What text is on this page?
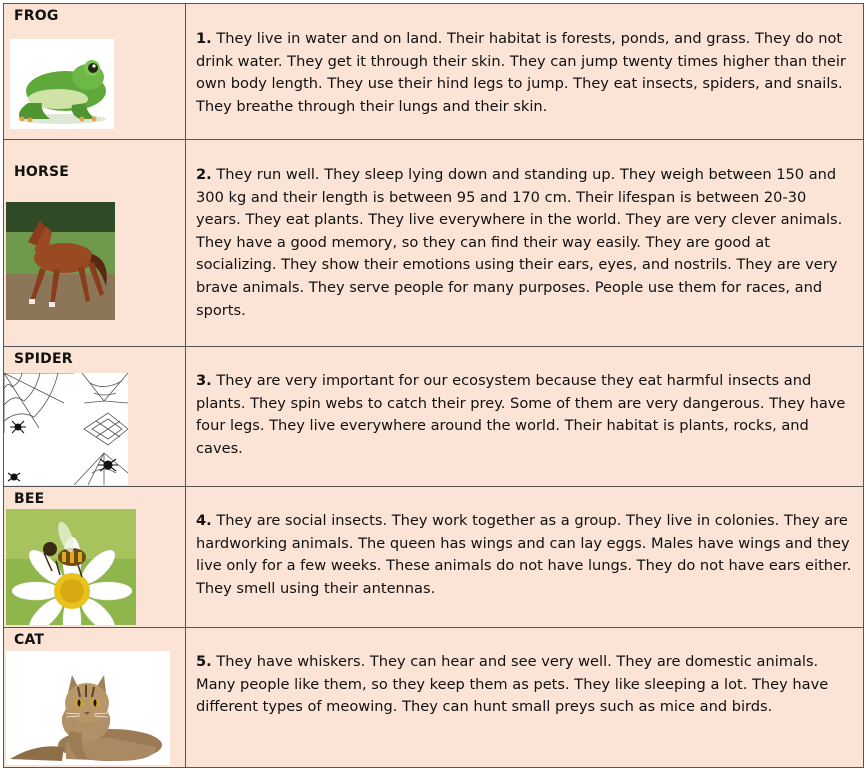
FROG	1. They live in water and on land. Their habitat is forests, ponds, and grass. They do not drink water. They get it through their skin. They can jump twenty times higher than their own body length. They use their hind legs to jump. They eat insects, spiders, and snails. They breathe through their lungs and their skin.

HORSE	2. They run well. They sleep lying down and standing up. They weigh between 150 and 300 kg and their length is between 95 and 170 cm. Their lifespan is between 20-30 years. They eat plants. They live everywhere in the world. They are very clever animals. They have a good memory, so they can find their way easily. They are good at socializing. They show their emotions using their ears, eyes, and nostrils. They are very brave animals. They serve people for many purposes. People use them for races, and sports.

SPIDER	3. They are very important for our ecosystem because they eat harmful insects and plants. They spin webs to catch their prey. Some of them are very dangerous. They have four legs. They live everywhere around the world. Their habitat is plants, rocks, and caves.

BEE	4. They are social insects. They work together as a group. They live in colonies. They are hardworking animals. The queen has wings and can lay eggs. Males have wings and they live only for a few weeks. These animals do not have lungs. They do not have ears either. They smell using their antennas.

CAT	5. They have whiskers. They can hear and see very well. They are domestic animals. Many people like them, so they keep them as pets. They like sleeping a lot. They have different types of meowing. They can hunt small preys such as mice and birds.
